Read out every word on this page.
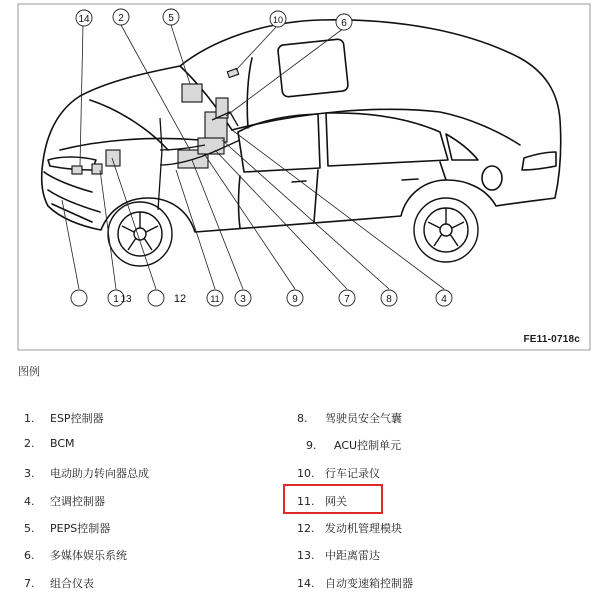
14	2	5	10	6
1 13	12	11 3	9	7	8	4
FE11-0718c
图例
1. ESP控制器
2. BCM
3. 电动助力转向器总成
4. 空调控制器
5. PEPS控制器
6. 多媒体娱乐系统
7. 组合仪表
8. 驾驶员安全气囊
9. ACU控制单元
10. 行车记录仪
11. 网关
12. 发动机管理模块
13. 中距离雷达
14. 自动变速箱控制器
